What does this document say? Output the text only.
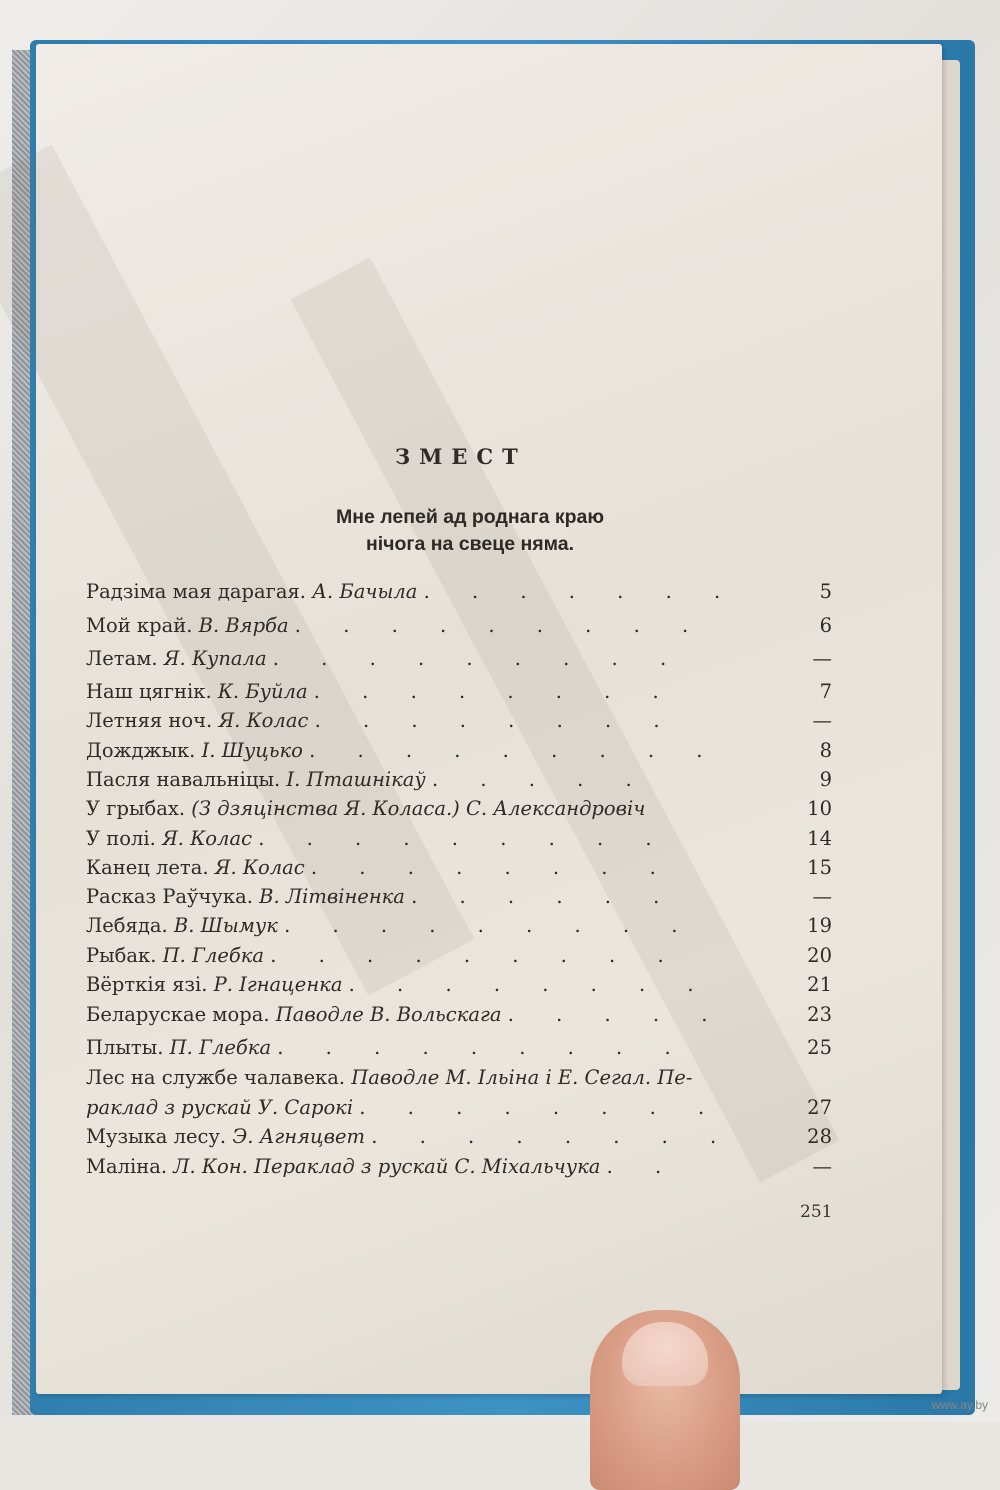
ЗМЕСТ
Мне лепей ад роднага краю
нічога на свеце няма.
Радзіма мая дарагая. А. Бачыла . . . . . . .	5
Мой край. В. Вярба . . . . . . . . .	6
Летам. Я. Купала . . . . . . . . .	—
Наш цягнік. К. Буйла . . . . . . . .	7
Летняя ноч. Я. Колас . . . . . . . .	—
Дожджык. І. Шуцько . . . . . . . . .	8
Пасля навальніцы. І. Пташнікаў . . . . .	9
У грыбах. (З дзяцінства Я. Коласа.) С. Александровіч	10
У полі. Я. Колас . . . . . . . . .	14
Канец лета. Я. Колас . . . . . . . .	15
Расказ Раўчука. В. Літвіненка . . . . . .	—
Лебяда. В. Шымук . . . . . . . . .	19
Рыбак. П. Глебка . . . . . . . . .	20
Вёрткія язі. Р. Ігнаценка . . . . . . . .	21
Беларускае мора. Паводле В. Вольскага . . . . .	23
Плыты. П. Глебка . . . . . . . . .	25
Лес на службе чалавека. Паводле М. Ільіна і Е. Сегал. Пе-
раклад з рускай У. Сарокі . . . . . . . .	27
Музыка лесу. Э. Агняцвет . . . . . . . .	28
Маліна. Л. Кон. Пераклад з рускай С. Міхальчука . .	—
251
www.ay.by
